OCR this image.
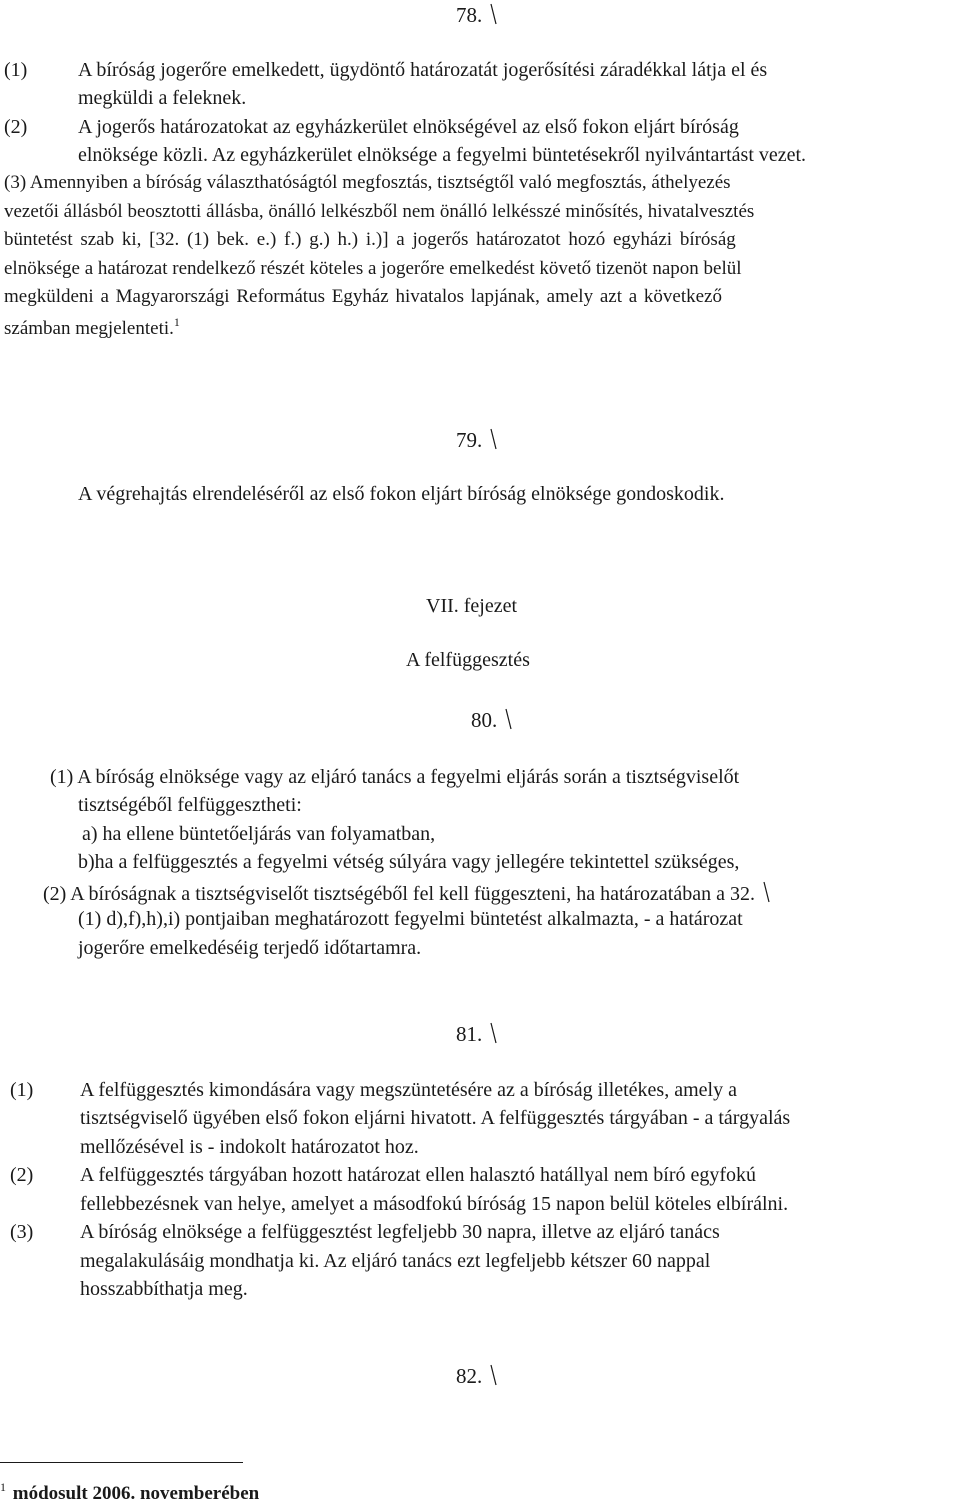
78.
(1)	A bíróság jogerőre emelkedett, ügydöntő határozatát jogerősítési záradékkal látja el és
megküldi a feleknek.
(2)	A jogerős határozatokat az egyházkerület elnökségével az első fokon eljárt bíróság
elnöksége közli. Az egyházkerület elnöksége a fegyelmi büntetésekről nyilvántartást vezet.
(3) Amennyiben a bíróság választhatóságtól megfosztás, tisztségtől való megfosztás, áthelyezés
vezetői állásból beosztotti állásba, önálló lelkészből nem önálló lelkésszé minősítés, hivatalvesztés
büntetést szab ki, [32. (1) bek. e.) f.) g.) h.) i.)] a jogerős határozatot hozó egyházi bíróság
elnöksége a határozat rendelkező részét köteles a jogerőre emelkedést követő tizenöt napon belül
megküldeni a Magyarországi Református Egyház hivatalos lapjának, amely azt a következő
számban megjelenteti.$^1$
79.
A végrehajtás elrendeléséről az első fokon eljárt bíróság elnöksége gondoskodik.
VII. fejezet
A felfüggesztés
80.
(1) A bíróság elnöksége vagy az eljáró tanács a fegyelmi eljárás során a tisztségviselőt
tisztségéből felfüggesztheti:
a) ha ellene büntetőeljárás van folyamatban,
b)ha a felfüggesztés a fegyelmi vétség súlyára vagy jellegére tekintettel szükséges,
(2) A bíróságnak a tisztségviselőt tisztségéből fel kell függeszteni, ha határozatában a 32.
(1) d),f),h),i) pontjaiban meghatározott fegyelmi büntetést alkalmazta, - a határozat
jogerőre emelkedéséig terjedő időtartamra.
81.
(1) A felfüggesztés kimondására vagy megszüntetésére az a bíróság illetékes, amely a
tisztségviselő ügyében első fokon eljárni hivatott. A felfüggesztés tárgyában - a tárgyalás
mellőzésével is - indokolt határozatot hoz.
(2) A felfüggesztés tárgyában hozott határozat ellen halasztó hatállyal nem bíró egyfokú
fellebbezésnek van helye, amelyet a másodfokú bíróság 15 napon belül köteles elbírálni.
(3) A bíróság elnöksége a felfüggesztést legfeljebb 30 napra, illetve az eljáró tanács
megalakulásáig mondhatja ki. Az eljáró tanács ezt legfeljebb kétszer 60 nappal
hosszabbíthatja meg.
82.
$^1$ módosult 2006. novemberében
